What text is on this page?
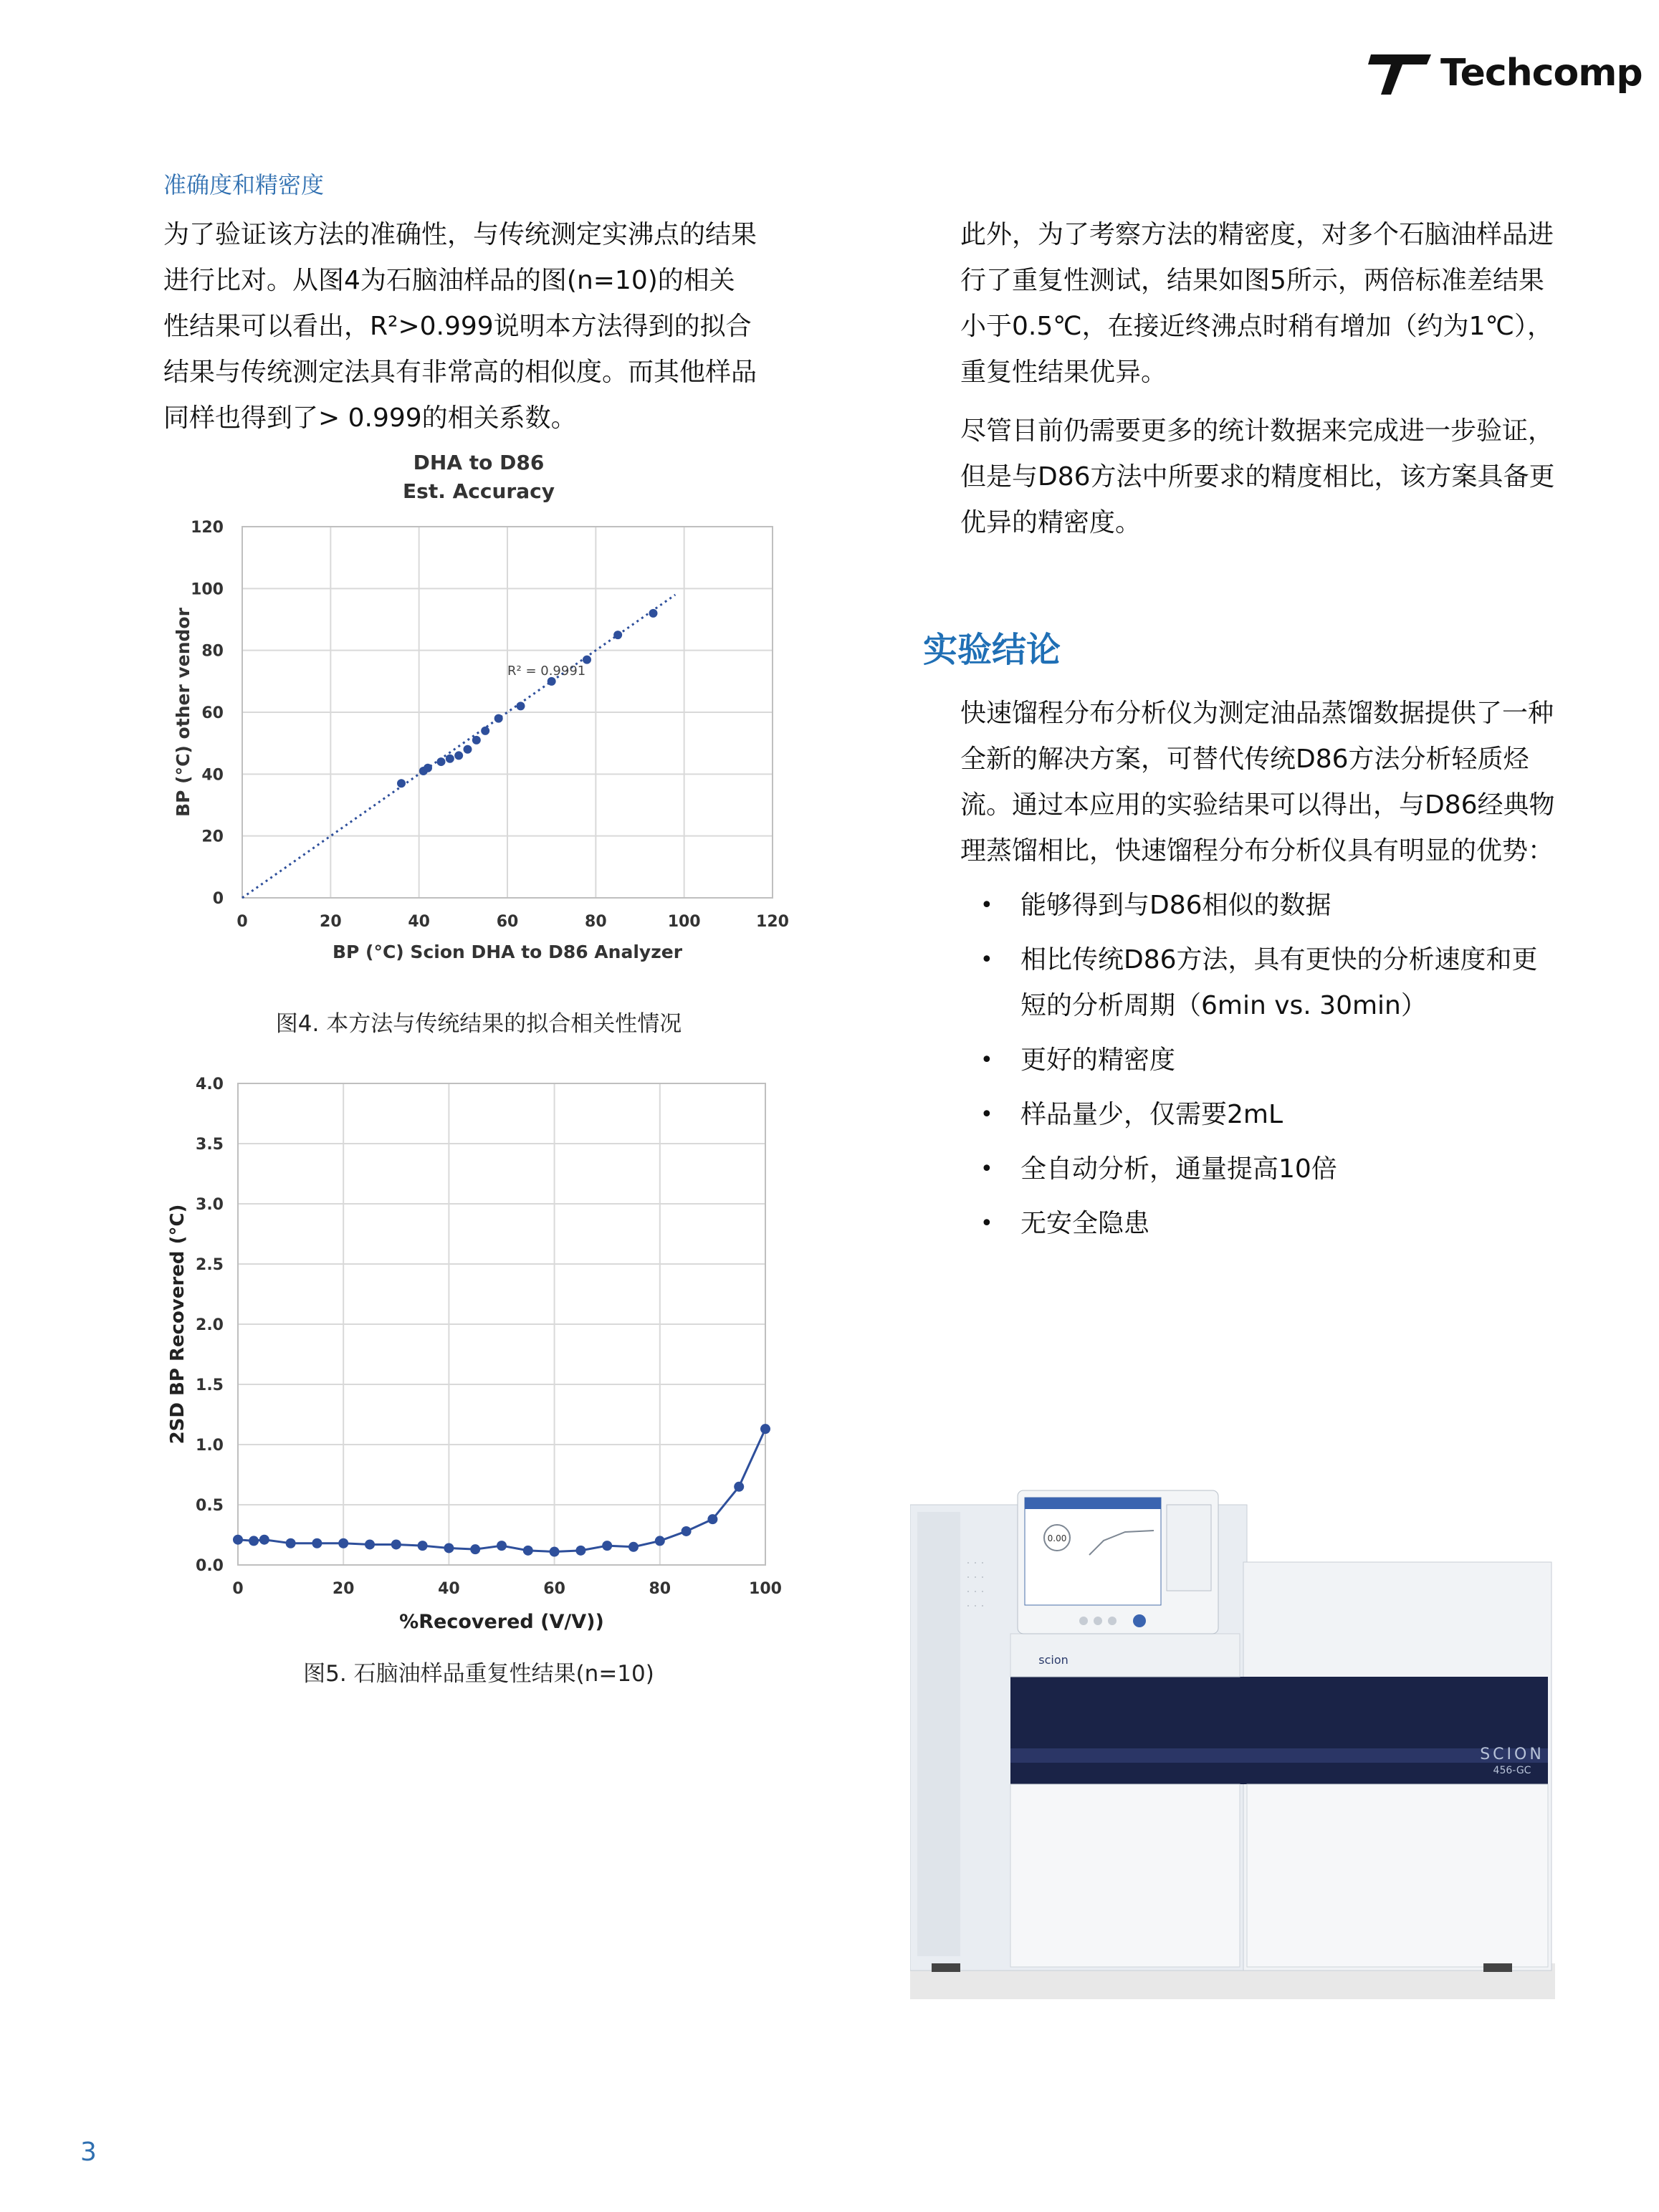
Techcomp
准确度和精密度
为了验证该方法的准确性，与传统测定实沸点的结果进行比对。从图4为石脑油样品的图(n=10)的相关性结果可以看出，R²>0.999说明本方法得到的拟合结果与传统测定法具有非常高的相似度。而其他样品同样也得到了> 0.999的相关系数。
DHA to D86
Est. Accuracy
0	20	40	60	80	100	120
0
20
40
60
80
100
120
R² = 0.9991
BP (°C) Scion DHA to D86 Analyzer
BP (°C) other vendor
图4. 本方法与传统结果的拟合相关性情况
0	20	40	60	80	100
0.0
0.5
1.0
1.5
2.0
2.5
3.0
3.5
4.0
%Recovered (V/V))
2SD BP Recovered (°C)
图5. 石脑油样品重复性结果(n=10)
此外，为了考察方法的精密度，对多个石脑油样品进行了重复性测试，结果如图5所示，两倍标准差结果小于0.5℃，在接近终沸点时稍有增加（约为1℃），重复性结果优异。
尽管目前仍需要更多的统计数据来完成进一步验证，但是与D86方法中所要求的精度相比，该方案具备更优异的精密度。
实验结论
快速馏程分布分析仪为测定油品蒸馏数据提供了一种全新的解决方案，可替代传统D86方法分析轻质烃流。通过本应用的实验结果可以得出，与D86经典物理蒸馏相比，快速馏程分布分析仪具有明显的优势：
• 能够得到与D86相似的数据
• 相比传统D86方法，具有更快的分析速度和更短的分析周期（6min vs. 30min）
• 更好的精密度
• 样品量少，仅需要2mL
• 全自动分析，通量提高10倍
• 无安全隐患
0.00
scion
SCION
456-GC
3
